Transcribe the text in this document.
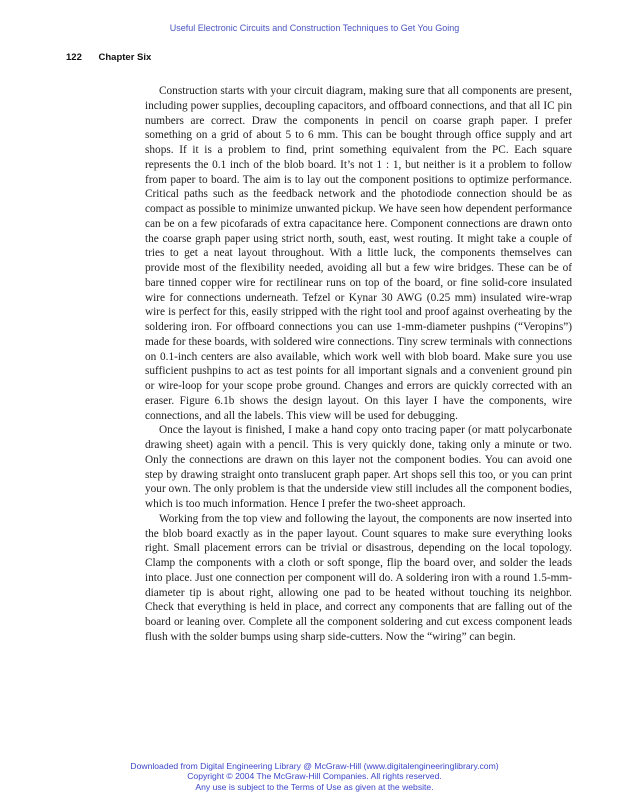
Useful Electronic Circuits and Construction Techniques to Get You Going
122 Chapter Six

Construction starts with your circuit diagram, making sure that all components are present, including power supplies, decoupling capacitors, and offboard connections, and that all IC pin numbers are correct. Draw the components in pencil on coarse graph paper. I prefer something on a grid of about 5 to 6 mm. This can be bought through office supply and art shops. If it is a problem to find, print something equivalent from the PC. Each square represents the 0.1 inch of the blob board. It’s not 1 : 1, but neither is it a problem to follow from paper to board. The aim is to lay out the component positions to optimize performance. Critical paths such as the feedback network and the photodiode connection should be as compact as possible to minimize unwanted pickup. We have seen how dependent performance can be on a few picofarads of extra capacitance here. Component connections are drawn onto the coarse graph paper using strict north, south, east, west routing. It might take a couple of tries to get a neat layout throughout. With a little luck, the components themselves can provide most of the flexibility needed, avoiding all but a few wire bridges. These can be of bare tinned copper wire for rectilinear runs on top of the board, or fine solid-core insulated wire for connections underneath. Tefzel or Kynar 30 AWG (0.25 mm) insulated wire-wrap wire is perfect for this, easily stripped with the right tool and proof against overheating by the soldering iron. For offboard connections you can use 1-mm-diameter pushpins (“Veropins”) made for these boards, with soldered wire connections. Tiny screw terminals with connections on 0.1-inch centers are also available, which work well with blob board. Make sure you use sufficient pushpins to act as test points for all important signals and a convenient ground pin or wire-loop for your scope probe ground. Changes and errors are quickly corrected with an eraser. Figure 6.1b shows the design layout. On this layer I have the components, wire connections, and all the labels. This view will be used for debugging.

Once the layout is finished, I make a hand copy onto tracing paper (or matt polycarbonate drawing sheet) again with a pencil. This is very quickly done, taking only a minute or two. Only the connections are drawn on this layer not the component bodies. You can avoid one step by drawing straight onto translucent graph paper. Art shops sell this too, or you can print your own. The only problem is that the underside view still includes all the component bodies, which is too much information. Hence I prefer the two-sheet approach.

Working from the top view and following the layout, the components are now inserted into the blob board exactly as in the paper layout. Count squares to make sure everything looks right. Small placement errors can be trivial or disastrous, depending on the local topology. Clamp the components with a cloth or soft sponge, flip the board over, and solder the leads into place. Just one connection per component will do. A soldering iron with a round 1.5-mm-diameter tip is about right, allowing one pad to be heated without touching its neighbor. Check that everything is held in place, and correct any components that are falling out of the board or leaning over. Complete all the component soldering and cut excess component leads flush with the solder bumps using sharp side-cutters. Now the “wiring” can begin.

Downloaded from Digital Engineering Library @ McGraw-Hill (www.digitalengineeringlibrary.com)
Copyright © 2004 The McGraw-Hill Companies. All rights reserved.
Any use is subject to the Terms of Use as given at the website.
